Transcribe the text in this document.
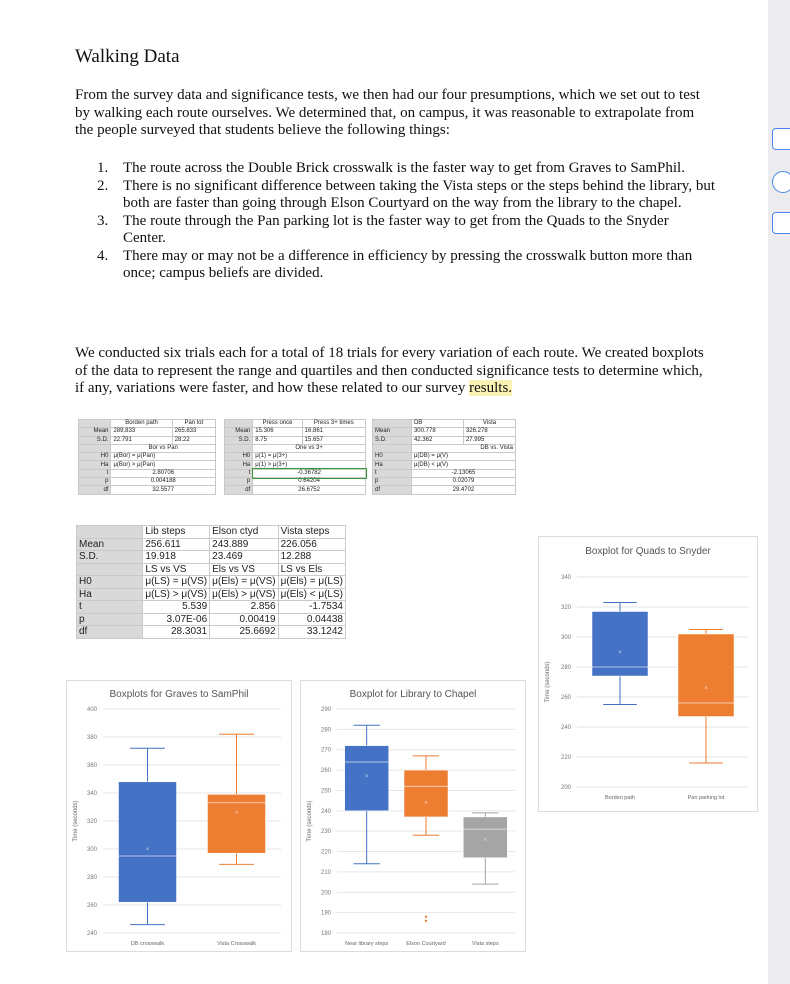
Walking Data
From the survey data and significance tests, we then had our four presumptions, which we set out to test by walking each route ourselves. We determined that, on campus, it was reasonable to extrapolate from the people surveyed that students believe the following things:
1. The route across the Double Brick crosswalk is the faster way to get from Graves to SamPhil.
2. There is no significant difference between taking the Vista steps or the steps behind the library, but both are faster than going through Elson Courtyard on the way from the library to the chapel.
3. The route through the Pan parking lot is the faster way to get from the Quads to the Snyder Center.
4. There may or may not be a difference in efficiency by pressing the crosswalk button more than once; campus beliefs are divided.
We conducted six trials each for a total of 18 trials for every variation of each route. We created boxplots of the data to represent the range and quartiles and then conducted significance tests to determine which, if any, variations were faster, and how these related to our survey results.
	Borden path	Pan lot
Mean	289.833	265.833
S.D.	22.791	28.22
	Bor vs Pan	
H0	μ(Bor) = μ(Pan)	
Ha	μ(Bor) > μ(Pan)	
t	2.80706	
p	0.004188	
df	32.5577	
	Press once	Press 3+ times
Mean	15.306	16.861
S.D.	8.75	15.657
	One vs 3+	
H0	μ(1) = μ(3+)	
Ha	μ(1) > μ(3+)	
t	-0.36782	
p	0.64204	
df	26.6752	
	DB	Vista
Mean	300.778	326.278
S.D.	42.362	27.995
	DB vs. Vista	
H0	μ(DB) = μ(V)	
Ha	μ(DB) < μ(V)	
t	-2.13065	
p	0.02079	
df	29.4702	
	Lib steps	Elson ctyd	Vista steps
Mean	256.611	243.889	226.056
S.D.	19.918	23.469	12.288
	LS vs VS	Els vs VS	LS vs Els
H0	μ(LS) = μ(VS)	μ(Els) = μ(VS)	μ(Els) = μ(LS)
Ha	μ(LS) > μ(VS)	μ(Els) > μ(VS)	μ(Els) < μ(LS)
t	5.539	2.856	-1.7534
p	3.07E-06	0.00419	0.04438
df	28.3031	25.6692	33.1242
Boxplots for Graves to SamPhil
240
260
280
300
320
340
360
380
400
Time (seconds)
×
DB crosswalk
×
Vista Crosswalk
Boxplot for Library to Chapel
180
190
200
210
220
230
240
250
260
270
280
290
Time (seconds)
×
Near library steps
×
Elson Courtyard
×
Vista steps
Boxplot for Quads to Snyder
200
220
240
260
280
300
320
340
Time (seconds)
×
Borden path
×
Pan parking lot
